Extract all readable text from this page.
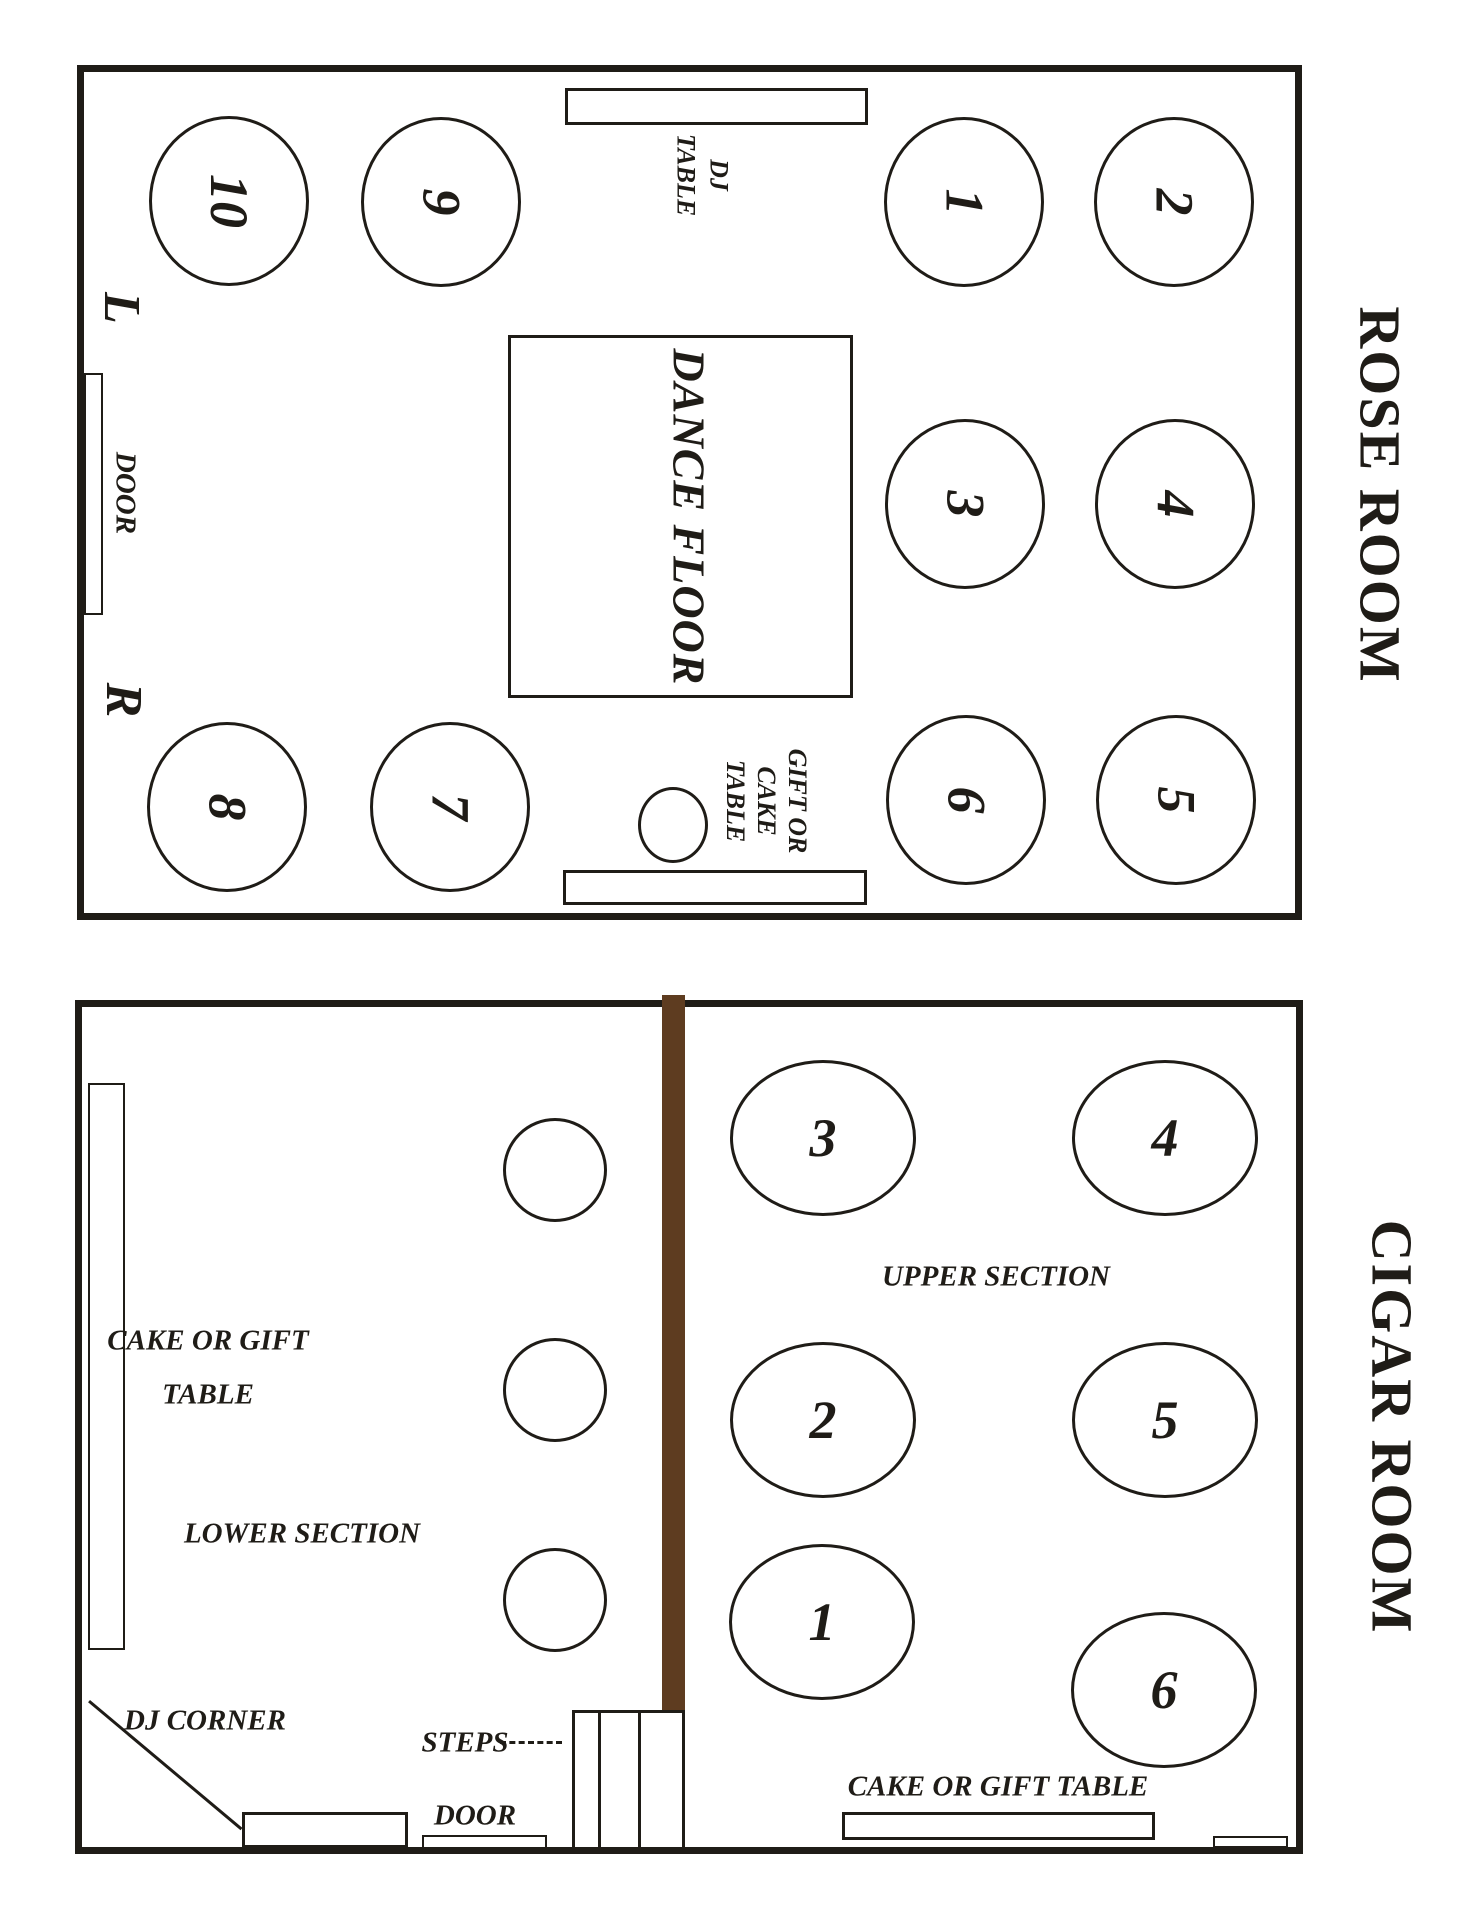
ROSE ROOM
DJ
TABLE
DANCE FLOOR
DOOR
L
R
GIFT OR
CAKE
TABLE
10	9	1	2
3	4
8	7	6	5
CIGAR ROOM
CAKE OR GIFT
TABLE
UPPER SECTION
LOWER SECTION
3	4
2	5
1
6
DJ CORNER
STEPS
DOOR
CAKE OR GIFT TABLE
